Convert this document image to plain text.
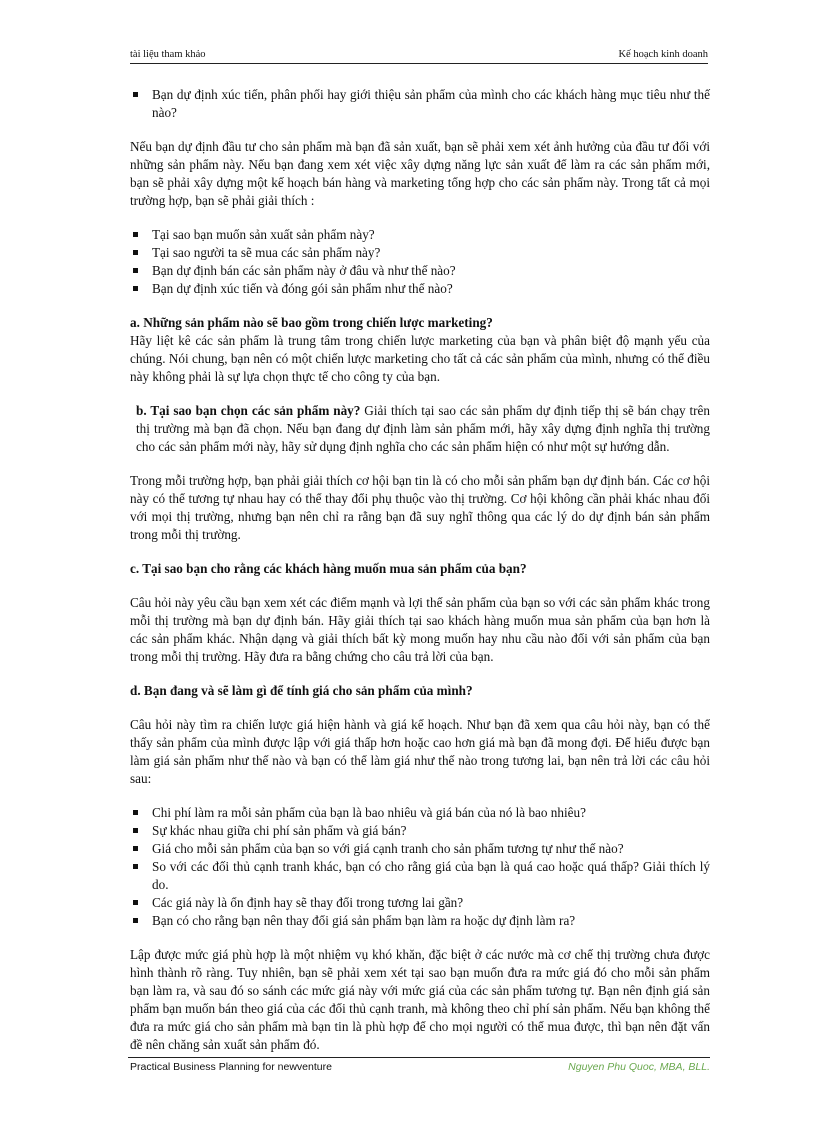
tài liệu tham khảo	Kế hoạch kinh doanh
Bạn dự định xúc tiến, phân phối hay giới thiệu sản phẩm của mình cho các khách hàng mục tiêu như thế nào?

Nếu bạn dự định đầu tư cho sản phẩm mà bạn đã sản xuất, bạn sẽ phải xem xét ảnh hưởng của đầu tư đối với những sản phẩm này. Nếu bạn đang xem xét việc xây dựng năng lực sản xuất để làm ra các sản phẩm mới, bạn sẽ phải xây dựng một kế hoạch bán hàng và marketing tổng hợp cho các sản phẩm này. Trong tất cả mọi trường hợp, bạn sẽ phải giải thích :

Tại sao bạn muốn sản xuất sản phẩm này?
Tại sao người ta sẽ mua các sản phẩm này?
Bạn dự định bán các sản phẩm này ở đâu và như thế nào?
Bạn dự định xúc tiến và đóng gói sản phẩm như thế nào?

a. Những sản phẩm nào sẽ bao gồm trong chiến lược marketing?

Hãy liệt kê các sản phẩm là trung tâm trong chiến lược marketing của bạn và phân biệt độ mạnh yếu của chúng. Nói chung, bạn nên có một chiến lược marketing cho tất cả các sản phẩm của mình, nhưng có thể điều này không phải là sự lựa chọn thực tế cho công ty của bạn.

b. Tại sao bạn chọn các sản phẩm này? Giải thích tại sao các sản phẩm dự định tiếp thị sẽ bán chạy trên thị trường mà bạn đã chọn. Nếu bạn đang dự định làm sản phẩm mới, hãy xây dựng định nghĩa thị trường cho các sản phẩm mới này, hãy sử dụng định nghĩa cho các sản phẩm hiện có như một sự hướng dẫn.

Trong mỗi trường hợp, bạn phải giải thích cơ hội bạn tin là có cho mỗi sản phẩm bạn dự định bán. Các cơ hội này có thể tương tự nhau hay có thể thay đổi phụ thuộc vào thị trường. Cơ hội không cần phải khác nhau đối với mọi thị trường, nhưng bạn nên chỉ ra rằng bạn đã suy nghĩ thông qua các lý do dự định bán sản phẩm trong mỗi thị trường.

c. Tại sao bạn cho rằng các khách hàng muốn mua sản phẩm của bạn?

Câu hỏi này yêu cầu bạn xem xét các điểm mạnh và lợi thế sản phẩm của bạn so với các sản phẩm khác trong mỗi thị trường mà bạn dự định bán. Hãy giải thích tại sao khách hàng muốn mua sản phẩm của bạn hơn là các sản phẩm khác. Nhận dạng và giải thích bất kỳ mong muốn hay nhu cầu nào đối với sản phẩm của bạn trong mỗi thị trường. Hãy đưa ra bằng chứng cho câu trả lời của bạn.

d. Bạn đang và sẽ làm gì để tính giá cho sản phẩm của mình?

Câu hỏi này tìm ra chiến lược giá hiện hành và giá kế hoạch. Như bạn đã xem qua câu hỏi này, bạn có thể thấy sản phẩm của mình được lập với giá thấp hơn hoặc cao hơn giá mà bạn đã mong đợi. Để hiểu được bạn làm giá sản phẩm như thế nào và bạn có thể làm giá như thế nào trong tương lai, bạn nên trả lời các câu hỏi sau:

Chi phí làm ra mỗi sản phẩm của bạn là bao nhiêu và giá bán của nó là bao nhiêu?
Sự khác nhau giữa chi phí sản phẩm và giá bán?
Giá cho mỗi sản phẩm của bạn so với giá cạnh tranh cho sản phẩm tương tự như thế nào?
So với các đối thủ cạnh tranh khác, bạn có cho rằng giá của bạn là quá cao hoặc quá thấp? Giải thích lý do.
Các giá này là ổn định hay sẽ thay đổi trong tương lai gần?
Bạn có cho rằng bạn nên thay đổi giá sản phẩm bạn làm ra hoặc dự định làm ra?

Lập được mức giá phù hợp là một nhiệm vụ khó khăn, đặc biệt ở các nước mà cơ chế thị trường chưa được hình thành rõ ràng. Tuy nhiên, bạn sẽ phải xem xét tại sao bạn muốn đưa ra mức giá đó cho mỗi sản phẩm bạn làm ra, và sau đó so sánh các mức giá này với mức giá của các sản phẩm tương tự. Bạn nên định giá sản phẩm bạn muốn bán theo giá của các đối thủ cạnh tranh, mà không theo chỉ phí sản phẩm. Nếu bạn không thể đưa ra mức giá cho sản phẩm mà bạn tin là phù hợp để cho mọi người có thể mua được, thì bạn nên đặt vấn đề nên chăng sản xuất sản phẩm đó.

Practical Business Planning for newventure	Nguyen Phu Quoc, MBA, BLL.
